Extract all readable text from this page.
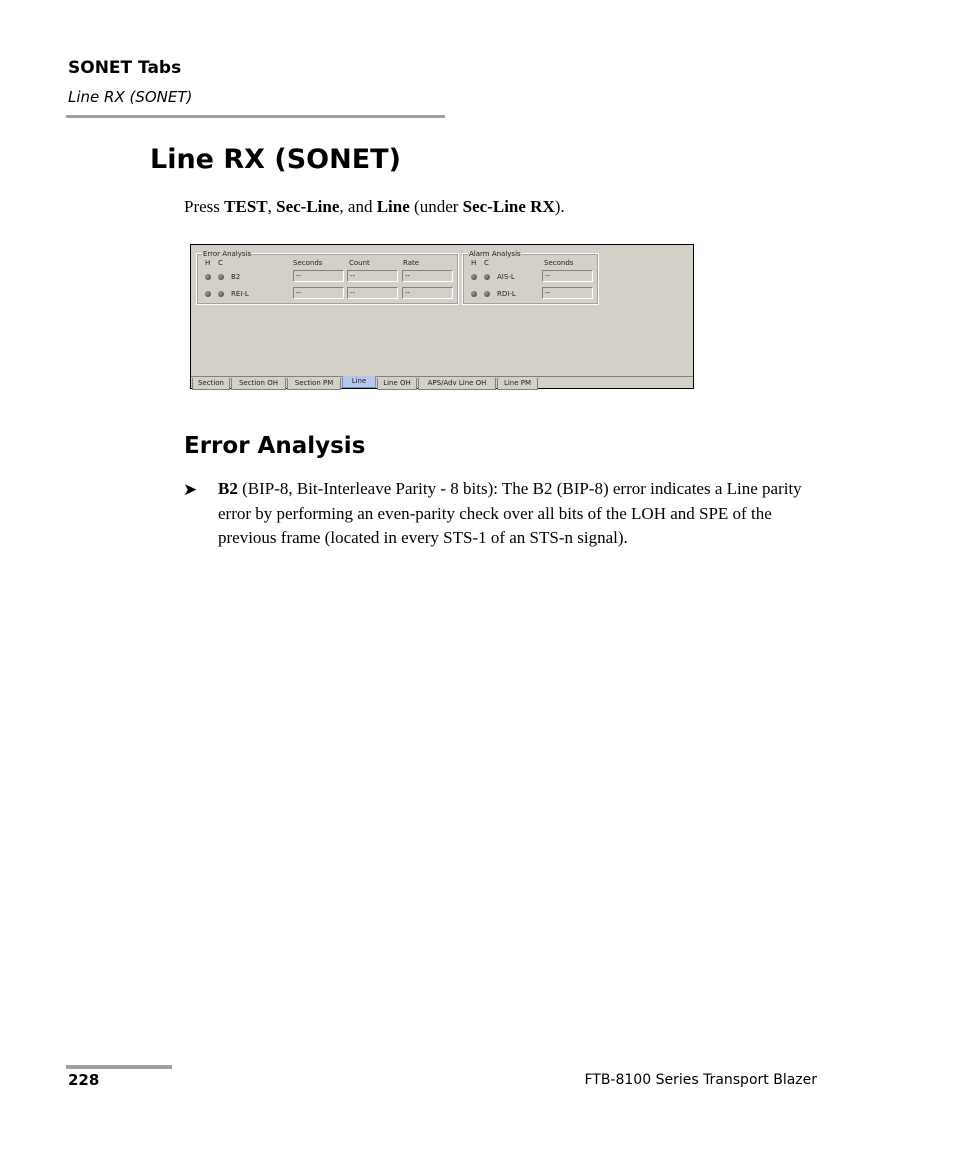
SONET Tabs
Line RX (SONET)
Line RX (SONET)
Press TEST, Sec-Line, and Line (under Sec-Line RX).
Error Analysis
H C	Seconds	Count	Rate
B2	--	--	--
REI-L	--	--	--
Alarm Analysis
H C	Seconds
AIS-L	--
RDI-L	--
Section	Section OH	Section PM	Line	Line OH	APS/Adv Line OH	Line PM
Error Analysis
➤ B2 (BIP-8, Bit-Interleave Parity - 8 bits): The B2 (BIP-8) error indicates a Line parity error by performing an even-parity check over all bits of the LOH and SPE of the previous frame (located in every STS-1 of an STS-n signal).
228	FTB-8100 Series Transport Blazer
